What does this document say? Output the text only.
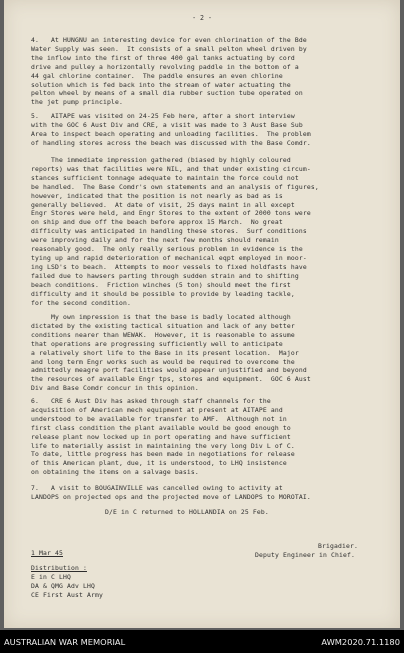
- 2 -

4.   At HUNGNU an interesting device for even chlorination of the Bde
Water Supply was seen.  It consists of a small pelton wheel driven by
the inflow into the first of three 400 gal tanks actuating by cord
drive and pulley a horizontally revolving paddle in the bottom of a
44 gal chlorine container.  The paddle ensures an even chlorine
solution which is fed back into the stream of water actuating the
pelton wheel by means of a small dia rubber suction tube operated on
the jet pump principle.

5.   AITAPE was visited on 24-25 Feb here, after a short interview
with the GOC 6 Aust Div and CRE, a visit was made to 3 Aust Base Sub
Area to inspect beach operating and unloading facilities.  The problem
of handling stores across the beach was discussed with the Base Comdr.

The immediate impression gathered (biased by highly coloured
reports) was that facilities were NIL, and that under existing circum-
stances sufficient tonnage adequate to maintain the force could not
be handled.  The Base Comdr's own statements and an analysis of figures,
however, indicated that the position is not nearly as bad as is
generally believed.  At date of visit, 25 days maint in all except
Engr Stores were held, and Engr Stores to the extent of 2000 tons were
on ship and due off the beach before approx 15 March.  No great
difficulty was anticipated in handling these stores.  Surf conditions
were improving daily and for the next few months should remain
reasonably good.  The only really serious problem in evidence is the
tying up and rapid deterioration of mechanical eqpt employed in moor-
ing LSD's to beach.  Attempts to moor vessels to fixed holdfasts have
failed due to hawsers parting through sudden strain and to shifting
beach conditions.  Friction winches (5 ton) should meet the first
difficulty and it should be possible to provide by leading tackle,
for the second condition.

My own impression is that the base is badly located although
dictated by the existing tactical situation and lack of any better
conditions nearer than WEWAK.  However, it is reasonable to assume
that operations are progressing sufficiently well to anticipate
a relatively short life to the Base in its present location.  Major
and long term Engr works such as would be required to overcome the
admittedly meagre port facilities would appear unjustified and beyond
the resources of available Engr tps, stores and equipment.  GOC 6 Aust
Div and Base Comdr concur in this opinion.

6.   CRE 6 Aust Div has asked through staff channels for the
acquisition of American mech equipment at present at AITAPE and
understood to be available for transfer to AMF.  Although not in
first class condition the plant available would be good enough to
release plant now locked up in port operating and have sufficient
life to materially assist in maintaining the very long Div L of C.
To date, little progress has been made in negotiations for release
of this American plant, due, it is understood, to LHQ insistence
on obtaining the items on a salvage basis.

7.   A visit to BOUGAINVILLE was cancelled owing to activity at
LANDOPS on projected ops and the projected move of LANDOPS to MOROTAI.

D/E in C returned to HOLLANDIA on 25 Feb.

Brigadier.

Deputy Engineer in Chief.

1 Mar 45

Distribution :

E in C LHQ
DA & QMG Adv LHQ
CE First Aust Army

AUSTRALIAN WAR MEMORIAL	AWM2020.71.1180
